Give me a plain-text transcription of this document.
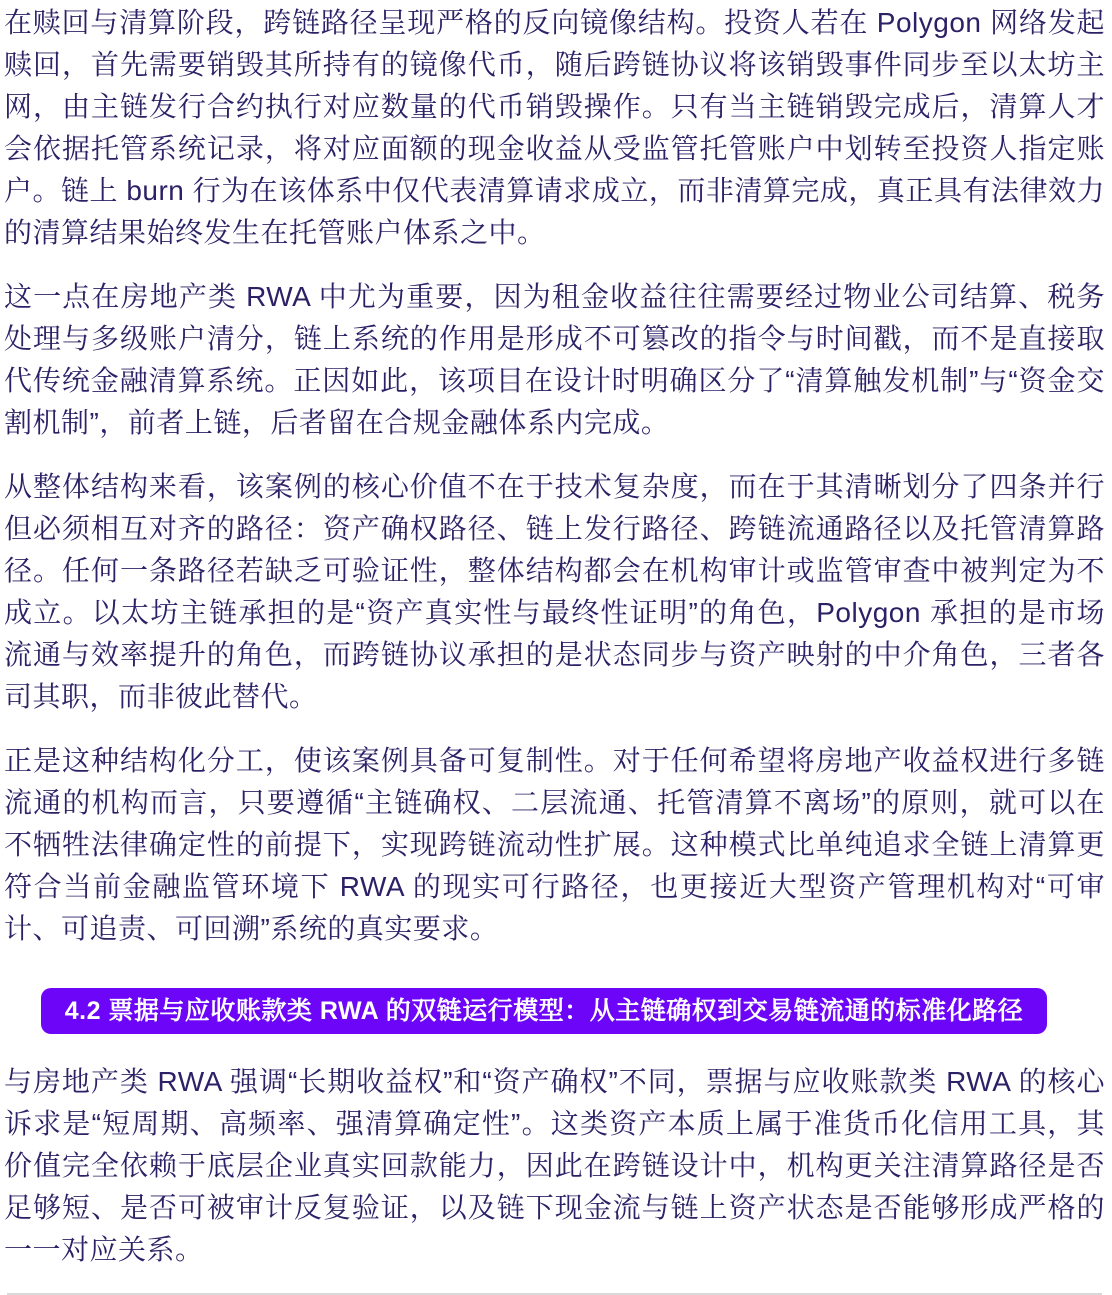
在赎回与清算阶段，跨链路径呈现严格的反向镜像结构。投资人若在 Polygon 网络发起赎回，首先需要销毁其所持有的镜像代币，随后跨链协议将该销毁事件同步至以太坊主网，由主链发行合约执行对应数量的代币销毁操作。只有当主链销毁完成后，清算人才会依据托管系统记录，将对应面额的现金收益从受监管托管账户中划转至投资人指定账户。链上 burn 行为在该体系中仅代表清算请求成立，而非清算完成，真正具有法律效力的清算结果始终发生在托管账户体系之中。

这一点在房地产类 RWA 中尤为重要，因为租金收益往往需要经过物业公司结算、税务处理与多级账户清分，链上系统的作用是形成不可篡改的指令与时间戳，而不是直接取代传统金融清算系统。正因如此，该项目在设计时明确区分了“清算触发机制”与“资金交割机制”，前者上链，后者留在合规金融体系内完成。

从整体结构来看，该案例的核心价值不在于技术复杂度，而在于其清晰划分了四条并行但必须相互对齐的路径：资产确权路径、链上发行路径、跨链流通路径以及托管清算路径。任何一条路径若缺乏可验证性，整体结构都会在机构审计或监管审查中被判定为不成立。以太坊主链承担的是“资产真实性与最终性证明”的角色，Polygon 承担的是市场流通与效率提升的角色，而跨链协议承担的是状态同步与资产映射的中介角色，三者各司其职，而非彼此替代。

正是这种结构化分工，使该案例具备可复制性。对于任何希望将房地产收益权进行多链流通的机构而言，只要遵循“主链确权、二层流通、托管清算不离场”的原则，就可以在不牺牲法律确定性的前提下，实现跨链流动性扩展。这种模式比单纯追求全链上清算更符合当前金融监管环境下 RWA 的现实可行路径，也更接近大型资产管理机构对“可审计、可追责、可回溯”系统的真实要求。

4.2 票据与应收账款类 RWA 的双链运行模型：从主链确权到交易链流通的标准化路径

与房地产类 RWA 强调“长期收益权”和“资产确权”不同，票据与应收账款类 RWA 的核心诉求是“短周期、高频率、强清算确定性”。这类资产本质上属于准货币化信用工具，其价值完全依赖于底层企业真实回款能力，因此在跨链设计中，机构更关注清算路径是否足够短、是否可被审计反复验证，以及链下现金流与链上资产状态是否能够形成严格的一一对应关系。
